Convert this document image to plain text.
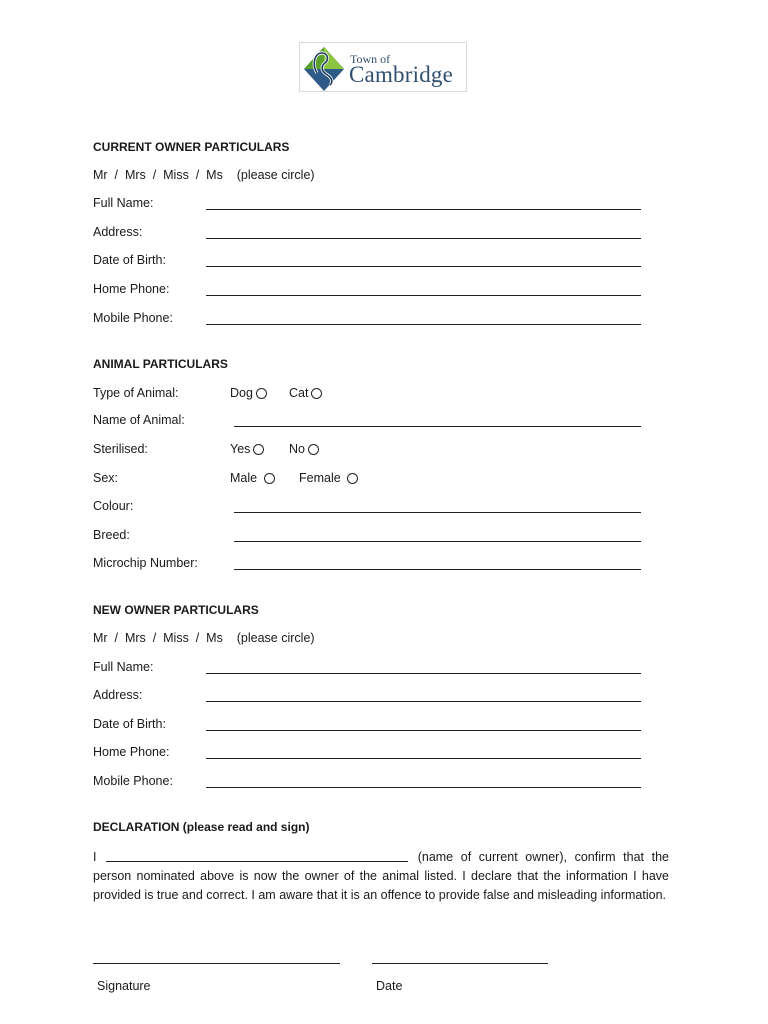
Town of
Cambridge
CURRENT OWNER PARTICULARS
Mr  /  Mrs  /  Miss  /  Ms (please circle)
Full Name:
Address:
Date of Birth:
Home Phone:
Mobile Phone:
ANIMAL PARTICULARS
Type of Animal:	Dog	Cat
Name of Animal:
Sterilised:	Yes	No
Sex:	Male	Female
Colour:
Breed:
Microchip Number:
NEW OWNER PARTICULARS
Mr  /  Mrs  /  Miss  /  Ms (please circle)
Full Name:
Address:
Date of Birth:
Home Phone:
Mobile Phone:
DECLARATION (please read and sign)
I	(name of current owner), confirm that the person nominated above is now the owner of the animal listed. I declare that the information I have provided is true and correct. I am aware that it is an offence to provide false and misleading information.
Signature	Date
